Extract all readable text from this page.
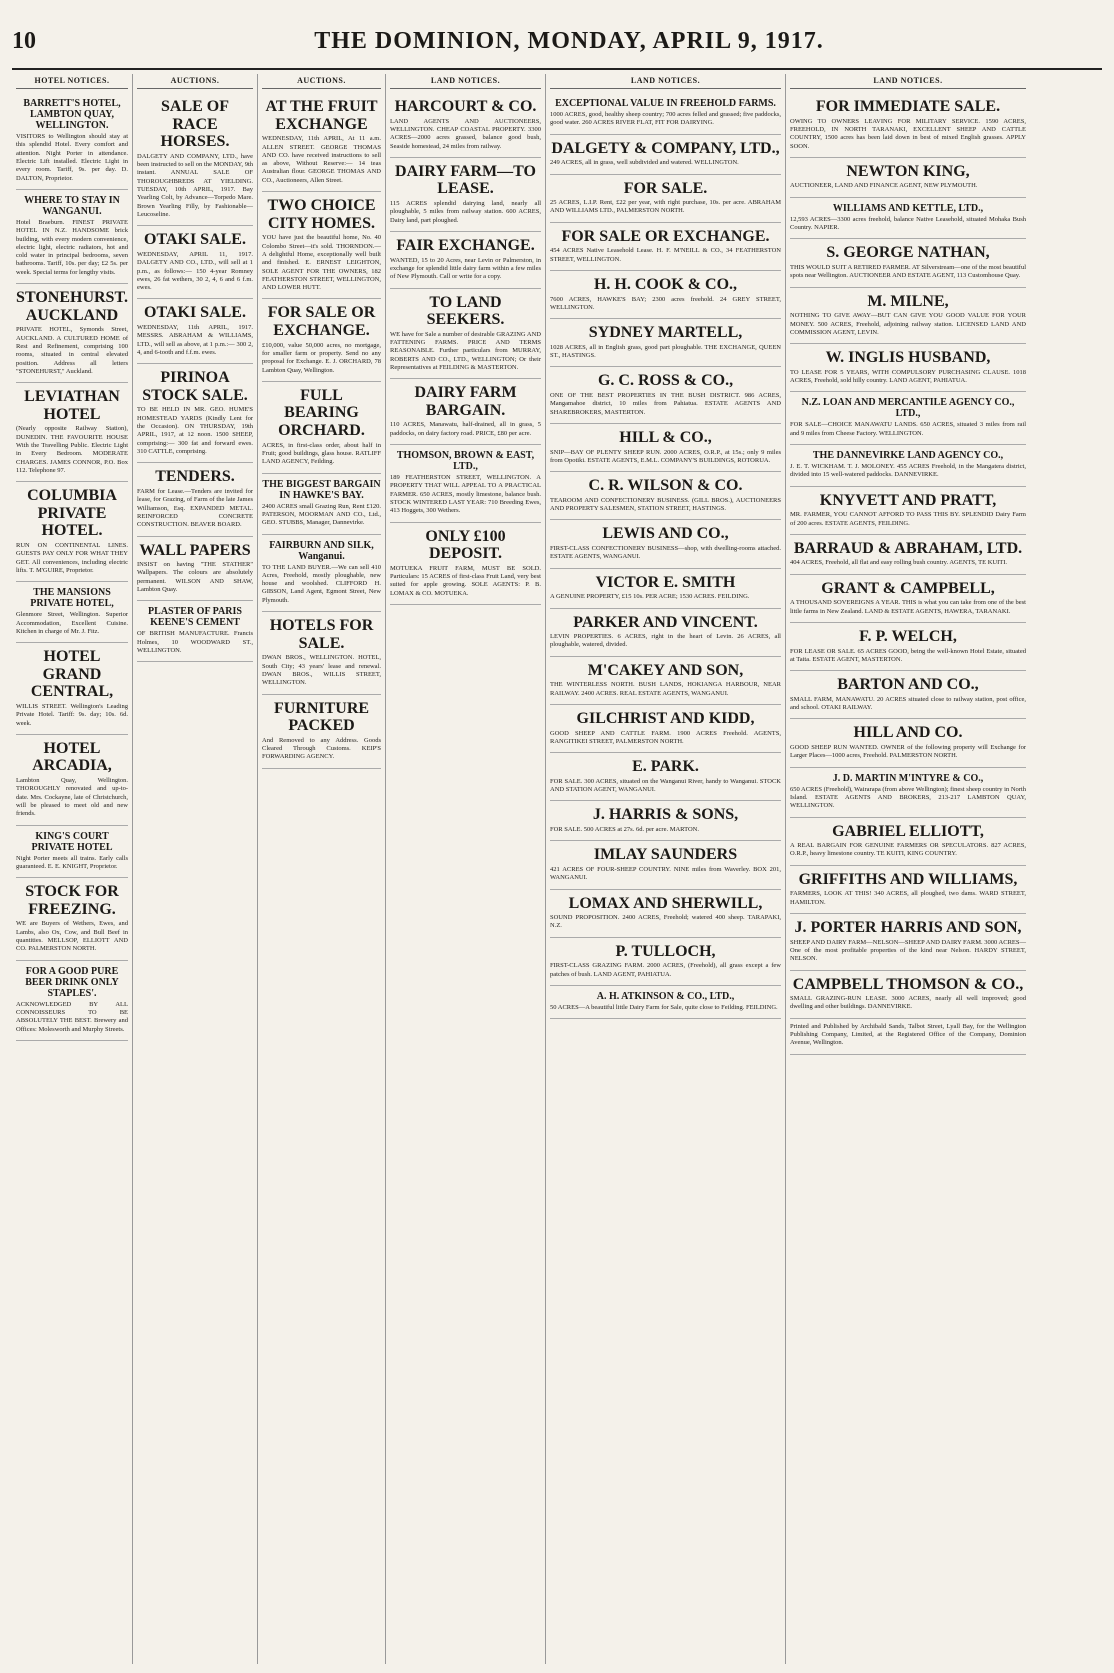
10	THE DOMINION, MONDAY, APRIL 9, 1917.
HOTEL NOTICES.
BARRETT'S HOTEL, LAMBTON QUAY, WELLINGTON.
VISITORS to Wellington should stay at this splendid Hotel. Every comfort and attention. Night Porter in attendance. Electric Lift installed. Electric Light in every room. Tariff, 9s. per day. D. DALTON, Proprietor.
WHERE TO STAY IN WANGANUI.
Hotel Braeburn. FINEST PRIVATE HOTEL IN N.Z. HANDSOME brick building, with every modern convenience, electric light, electric radiators, hot and cold water in principal bedrooms, seven bathrooms. Tariff, 10s. per day; £2 5s. per week. Special terms for lengthy visits.
STONEHURST. AUCKLAND
PRIVATE HOTEL, Symonds Street, AUCKLAND. A CULTURED HOME of Rest and Refinement, comprising 100 rooms, situated in central elevated position. Address all letters "STONEHURST," Auckland.
LEVIATHAN HOTEL
(Nearly opposite Railway Station), DUNEDIN. THE FAVOURITE HOUSE With the Travelling Public. Electric Light in Every Bedroom. MODERATE CHARGES. JAMES CONNOR, P.O. Box 112. Telephone 97.
COLUMBIA PRIVATE HOTEL.
RUN ON CONTINENTAL LINES. GUESTS PAY ONLY FOR WHAT THEY GET. All conveniences, including electric lifts. T. M'GUIRE, Proprietor.
THE MANSIONS PRIVATE HOTEL,
Glenmore Street, Wellington. Superior Accommodation, Excellent Cuisine. Kitchen in charge of Mr. J. Fitz.
HOTEL GRAND CENTRAL,
WILLIS STREET. Wellington's Leading Private Hotel. Tariff: 9s. day; 10s. 6d. week.
HOTEL ARCADIA,
Lambton Quay, Wellington. THOROUGHLY renovated and up-to-date. Mrs. Cockayne, late of Christchurch, will be pleased to meet old and new friends.
KING'S COURT PRIVATE HOTEL
Night Porter meets all trains. Early calls guaranteed. E. E. KNIGHT, Proprietor.
STOCK FOR FREEZING.
WE are Buyers of Wethers, Ewes, and Lambs, also Ox, Cow, and Bull Beef in quantities. MELLSOP, ELLIOTT AND CO. PALMERSTON NORTH.
FOR A GOOD PURE BEER DRINK ONLY STAPLES'.
ACKNOWLEDGED BY ALL CONNOISSEURS TO BE ABSOLUTELY THE BEST. Brewery and Offices: Molesworth and Murphy Streets.
AUCTIONS.
SALE OF RACE HORSES.
DALGETY AND COMPANY, LTD., have been instructed to sell on the MONDAY, 9th instant. ANNUAL SALE OF THOROUGHBREDS AT YIELDING. TUESDAY, 10th APRIL, 1917. Bay Yearling Colt, by Advance—Torpedo Mare. Brown Yearling Filly, by Fashionable—Leucoseline.
OTAKI SALE.
WEDNESDAY, APRIL 11, 1917. DALGETY AND CO., LTD., will sell at 1 p.m., as follows:— 150 4-year Romney ewes, 26 fat wethers, 30 2, 4, 6 and 6 f.m. ewes.
OTAKI SALE.
WEDNESDAY, 11th APRIL, 1917. MESSRS. ABRAHAM & WILLIAMS, LTD., will sell as above, at 1 p.m.:— 300 2, 4, and 6-tooth and f.f.m. ewes.
PIRINOA STOCK SALE.
TO BE HELD IN MR. GEO. HUME'S HOMESTEAD YARDS (Kindly Lent for the Occasion). ON THURSDAY, 19th APRIL, 1917, at 12 noon. 1500 SHEEP, comprising:— 300 fat and forward ewes. 310 CATTLE, comprising.
TENDERS.
FARM for Lease.—Tenders are invited for lease, for Grazing, of Farm of the late James Williamson, Esq. EXPANDED METAL. REINFORCED CONCRETE CONSTRUCTION. BEAVER BOARD.
WALL PAPERS
INSIST on having "THE STATHER" Wallpapers. The colours are absolutely permanent. WILSON AND SHAW, Lambton Quay.
PLASTER OF PARIS KEENE'S CEMENT
OF BRITISH MANUFACTURE. Francis Holmes, 10 WOODWARD ST., WELLINGTON.
AUCTIONS.
AT THE FRUIT EXCHANGE
WEDNESDAY, 11th APRIL, At 11 a.m. ALLEN STREET. GEORGE THOMAS AND CO. have received instructions to sell as above, Without Reserve:— 14 teas Australian flour. GEORGE THOMAS AND CO., Auctioneers, Allen Street.
TWO CHOICE CITY HOMES.
YOU have just the beautiful home, No. 40 Colombo Street—it's sold. THORNDON.—A delightful Home, exceptionally well built and finished. E. ERNEST LEIGHTON, SOLE AGENT FOR THE OWNERS, 182 FEATHERSTON STREET, WELLINGTON, AND LOWER HUTT.
FOR SALE OR EXCHANGE.
£10,000, value 50,000 acres, no mortgage, for smaller farm or property. Send no any proposal for Exchange. E. J. ORCHARD, 78 Lambton Quay, Wellington.
FULL BEARING ORCHARD.
ACRES, in first-class order, about half in Fruit; good buildings, glass house. RATLIFF LAND AGENCY, Feilding.
THE BIGGEST BARGAIN IN HAWKE'S BAY.
2400 ACRES small Grazing Run, Rent £120. PATERSON, MOORMAN AND CO., Ltd., GEO. STUBBS, Manager, Dannevirke.
FAIRBURN AND SILK, Wanganui.
TO THE LAND BUYER.—We can sell 410 Acres, Freehold, mostly ploughable, new house and woolshed. CLIFFORD H. GIBSON, Land Agent, Egmont Street, New Plymouth.
HOTELS FOR SALE.
DWAN BROS., WELLINGTON. HOTEL, South City; 43 years' lease and renewal. DWAN BROS., WILLIS STREET, WELLINGTON.
FURNITURE PACKED
And Removed to any Address. Goods Cleared Through Customs. KEIP'S FORWARDING AGENCY.
LAND NOTICES.
HARCOURT & CO.
LAND AGENTS AND AUCTIONEERS, WELLINGTON. CHEAP COASTAL PROPERTY. 3300 ACRES—2000 acres grassed, balance good bush, Seaside homestead, 24 miles from railway.
DAIRY FARM—TO LEASE.
115 ACRES splendid dairying land, nearly all ploughable, 5 miles from railway station. 600 ACRES, Dairy land, part ploughed.
FAIR EXCHANGE.
WANTED, 15 to 20 Acres, near Levin or Palmerston, in exchange for splendid little dairy farm within a few miles of New Plymouth. Call or write for a copy.
TO LAND SEEKERS.
WE have for Sale a number of desirable GRAZING AND FATTENING FARMS. PRICE AND TERMS REASONABLE. Further particulars from MURRAY, ROBERTS AND CO., LTD., WELLINGTON; Or their Representatives at FEILDING & MASTERTON.
DAIRY FARM BARGAIN.
110 ACRES, Manawatu, half-drained, all in grass, 5 paddocks, on dairy factory road. PRICE, £80 per acre.
THOMSON, BROWN & EAST, LTD.,
189 FEATHERSTON STREET, WELLINGTON. A PROPERTY THAT WILL APPEAL TO A PRACTICAL FARMER. 650 ACRES, mostly limestone, balance bush. STOCK WINTERED LAST YEAR: 710 Breeding Ewes, 413 Hoggets, 300 Wethers.
ONLY £100 DEPOSIT.
MOTUEKA FRUIT FARM, MUST BE SOLD. Particulars: 15 ACRES of first-class Fruit Land, very best suited for apple growing. SOLE AGENTS: P. B. LOMAX & CO. MOTUEKA.
LAND NOTICES.
EXCEPTIONAL VALUE IN FREEHOLD FARMS.
1000 ACRES, good, healthy sheep country; 700 acres felled and grassed; five paddocks, good water. 260 ACRES RIVER FLAT, FIT FOR DAIRYING.
DALGETY & COMPANY, LTD.,
249 ACRES, all in grass, well subdivided and watered. WELLINGTON.
FOR SALE.
25 ACRES, L.I.P. Rent, £22 per year, with right purchase, 10s. per acre. ABRAHAM AND WILLIAMS LTD., PALMERSTON NORTH.
FOR SALE OR EXCHANGE.
454 ACRES Native Leasehold Lease. H. F. M'NEILL & CO., 34 FEATHERSTON STREET, WELLINGTON.
H. H. COOK & CO.,
7600 ACRES, HAWKE'S BAY; 2300 acres freehold. 24 GREY STREET, WELLINGTON.
SYDNEY MARTELL,
1028 ACRES, all in English grass, good part ploughable. THE EXCHANGE, QUEEN ST., HASTINGS.
G. C. ROSS & CO.,
ONE OF THE BEST PROPERTIES IN THE BUSH DISTRICT. 986 ACRES, Mangamahoe district, 10 miles from Pahiatua. ESTATE AGENTS AND SHAREBROKERS, MASTERTON.
HILL & CO.,
SNIP—BAY OF PLENTY SHEEP RUN. 2000 ACRES, O.R.P., at 15s.; only 9 miles from Opotiki. ESTATE AGENTS, E.M.L. COMPANY'S BUILDINGS, ROTORUA.
C. R. WILSON & CO.
TEAROOM AND CONFECTIONERY BUSINESS. (GILL BROS.), AUCTIONEERS AND PROPERTY SALESMEN, STATION STREET, HASTINGS.
LEWIS AND CO.,
FIRST-CLASS CONFECTIONERY BUSINESS—shop, with dwelling-rooms attached. ESTATE AGENTS, WANGANUI.
VICTOR E. SMITH
A GENUINE PROPERTY, £15 10s. PER ACRE; 1530 ACRES. FEILDING.
PARKER AND VINCENT.
LEVIN PROPERTIES. 6 ACRES, right in the heart of Levin. 26 ACRES, all ploughable, watered, divided.
M'CAKEY AND SON,
THE WINTERLESS NORTH. BUSH LANDS, HOKIANGA HARBOUR, NEAR RAILWAY. 2400 ACRES. REAL ESTATE AGENTS, WANGANUI.
GILCHRIST AND KIDD,
GOOD SHEEP AND CATTLE FARM. 1900 ACRES Freehold. AGENTS, RANGITIKEI STREET, PALMERSTON NORTH.
E. PARK.
FOR SALE. 300 ACRES, situated on the Wanganui River, handy to Wanganui. STOCK AND STATION AGENT, WANGANUI.
J. HARRIS & SONS,
FOR SALE. 500 ACRES at 27s. 6d. per acre. MARTON.
IMLAY SAUNDERS
421 ACRES OF FOUR-SHEEP COUNTRY. NINE miles from Waverley. BOX 201, WANGANUI.
LOMAX AND SHERWILL,
SOUND PROPOSITION. 2400 ACRES, Freehold; watered 400 sheep. TARAPAKI, N.Z.
P. TULLOCH,
FIRST-CLASS GRAZING FARM. 2000 ACRES, (Freehold), all grass except a few patches of bush. LAND AGENT, PAHIATUA.
A. H. ATKINSON & CO., LTD.,
50 ACRES—A beautiful little Dairy Farm for Sale, quite close to Feilding. FEILDING.
LAND NOTICES.
FOR IMMEDIATE SALE.
OWING TO OWNERS LEAVING FOR MILITARY SERVICE. 1590 ACRES, FREEHOLD, IN NORTH TARANAKI, EXCELLENT SHEEP AND CATTLE COUNTRY, 1500 acres has been laid down in best of mixed English grasses. APPLY SOON.
NEWTON KING,
AUCTIONEER, LAND AND FINANCE AGENT, NEW PLYMOUTH.
WILLIAMS AND KETTLE, LTD.,
12,593 ACRES—3300 acres freehold, balance Native Leasehold, situated Mohaka Bush Country. NAPIER.
S. GEORGE NATHAN,
THIS WOULD SUIT A RETIRED FARMER. AT Silverstream—one of the most beautiful spots near Wellington. AUCTIONEER AND ESTATE AGENT, 113 Customhouse Quay.
M. MILNE,
NOTHING TO GIVE AWAY—BUT CAN GIVE YOU GOOD VALUE FOR YOUR MONEY. 500 ACRES, Freehold, adjoining railway station. LICENSED LAND AND COMMISSION AGENT, LEVIN.
W. INGLIS HUSBAND,
TO LEASE FOR 5 YEARS, WITH COMPULSORY PURCHASING CLAUSE. 1018 ACRES, Freehold, sold hilly country. LAND AGENT, PAHIATUA.
N.Z. LOAN AND MERCANTILE AGENCY CO., LTD.,
FOR SALE—CHOICE MANAWATU LANDS. 650 ACRES, situated 3 miles from rail and 9 miles from Cheese Factory. WELLINGTON.
THE DANNEVIRKE LAND AGENCY CO.,
J. E. T. WICKHAM. T. J. MOLONEY. 455 ACRES Freehold, in the Mangatera district, divided into 15 well-watered paddocks. DANNEVIRKE.
KNYVETT AND PRATT,
MR. FARMER, YOU CANNOT AFFORD TO PASS THIS BY. SPLENDID Dairy Farm of 200 acres. ESTATE AGENTS, FEILDING.
BARRAUD & ABRAHAM, LTD.
404 ACRES, Freehold, all flat and easy rolling bush country. AGENTS, TE KUITI.
GRANT & CAMPBELL,
A THOUSAND SOVEREIGNS A YEAR. THIS is what you can take from one of the best little farms in New Zealand. LAND & ESTATE AGENTS, HAWERA, TARANAKI.
F. P. WELCH,
FOR LEASE OR SALE. 65 ACRES GOOD, being the well-known Hotel Estate, situated at Taita. ESTATE AGENT, MASTERTON.
BARTON AND CO.,
SMALL FARM, MANAWATU. 20 ACRES situated close to railway station, post office, and school. OTAKI RAILWAY.
HILL AND CO.
GOOD SHEEP RUN WANTED. OWNER of the following property will Exchange for Larger Places—1000 acres, Freehold. PALMERSTON NORTH.
J. D. MARTIN M'INTYRE & CO.,
650 ACRES (Freehold), Wairarapa (from above Wellington); finest sheep country in North Island. ESTATE AGENTS AND BROKERS, 213-217 LAMBTON QUAY, WELLINGTON.
GABRIEL ELLIOTT,
A REAL BARGAIN FOR GENUINE FARMERS OR SPECULATORS. 827 ACRES, O.R.P., heavy limestone country. TE KUITI, KING COUNTRY.
GRIFFITHS AND WILLIAMS,
FARMERS, LOOK AT THIS! 340 ACRES, all ploughed, two dams. WARD STREET, HAMILTON.
J. PORTER HARRIS AND SON,
SHEEP AND DAIRY FARM—NELSON—SHEEP AND DAIRY FARM. 3000 ACRES—One of the most profitable properties of the kind near Nelson. HARDY STREET, NELSON.
CAMPBELL THOMSON & CO.,
SMALL GRAZING-RUN LEASE. 3000 ACRES, nearly all well improved; good dwelling and other buildings. DANNEVIRKE.
Printed and Published by Archibald Sands, Talbot Street, Lyall Bay, for the Wellington Publishing Company, Limited, at the Registered Office of the Company, Dominion Avenue, Wellington.
